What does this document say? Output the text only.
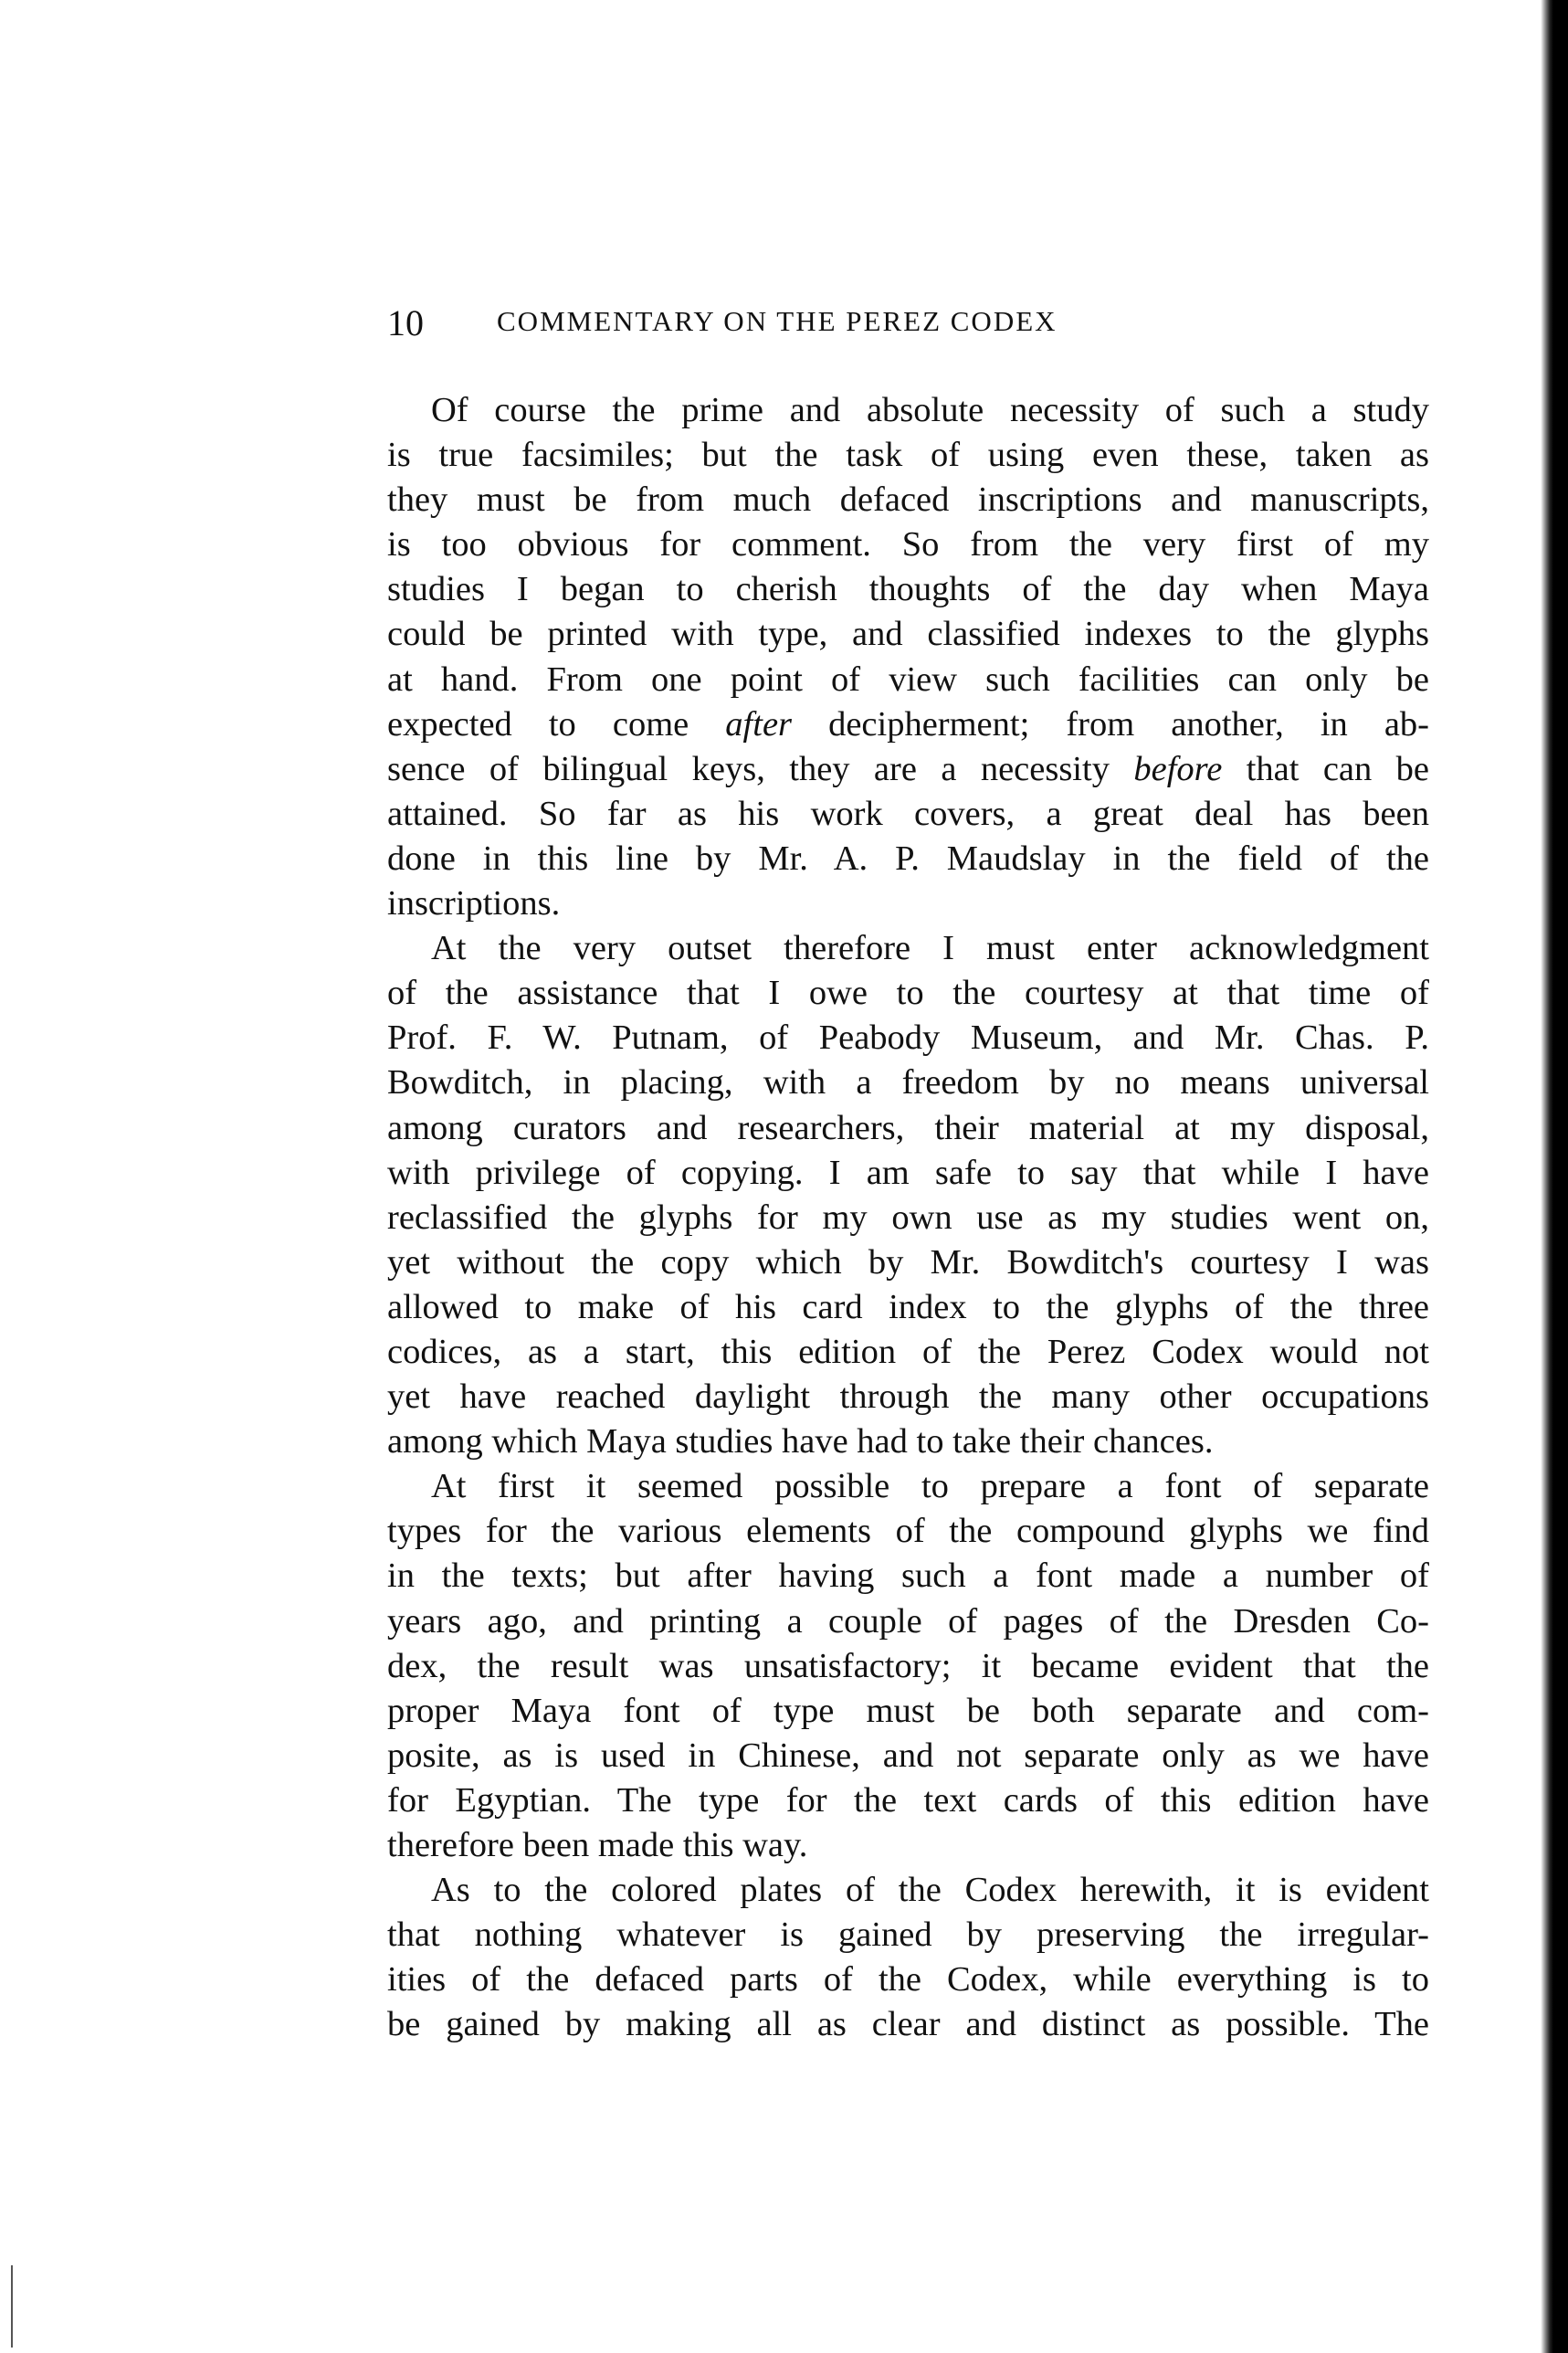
10	COMMENTARY ON THE PEREZ CODEX
Of course the prime and absolute necessity of such a study
is true facsimiles; but the task of using even these, taken as
they must be from much defaced inscriptions and manuscripts,
is too obvious for comment. So from the very first of my
studies I began to cherish thoughts of the day when Maya
could be printed with type, and classified indexes to the glyphs
at hand. From one point of view such facilities can only be
expected to come after decipherment; from another, in ab-
sence of bilingual keys, they are a necessity before that can be
attained. So far as his work covers, a great deal has been
done in this line by Mr. A. P. Maudslay in the field of the
inscriptions.
At the very outset therefore I must enter acknowledgment
of the assistance that I owe to the courtesy at that time of
Prof. F. W. Putnam, of Peabody Museum, and Mr. Chas. P.
Bowditch, in placing, with a freedom by no means universal
among curators and researchers, their material at my disposal,
with privilege of copying. I am safe to say that while I have
reclassified the glyphs for my own use as my studies went on,
yet without the copy which by Mr. Bowditch's courtesy I was
allowed to make of his card index to the glyphs of the three
codices, as a start, this edition of the Perez Codex would not
yet have reached daylight through the many other occupations
among which Maya studies have had to take their chances.
At first it seemed possible to prepare a font of separate
types for the various elements of the compound glyphs we find
in the texts; but after having such a font made a number of
years ago, and printing a couple of pages of the Dresden Co-
dex, the result was unsatisfactory; it became evident that the
proper Maya font of type must be both separate and com-
posite, as is used in Chinese, and not separate only as we have
for Egyptian. The type for the text cards of this edition have
therefore been made this way.
As to the colored plates of the Codex herewith, it is evident
that nothing whatever is gained by preserving the irregular-
ities of the defaced parts of the Codex, while everything is to
be gained by making all as clear and distinct as possible. The
